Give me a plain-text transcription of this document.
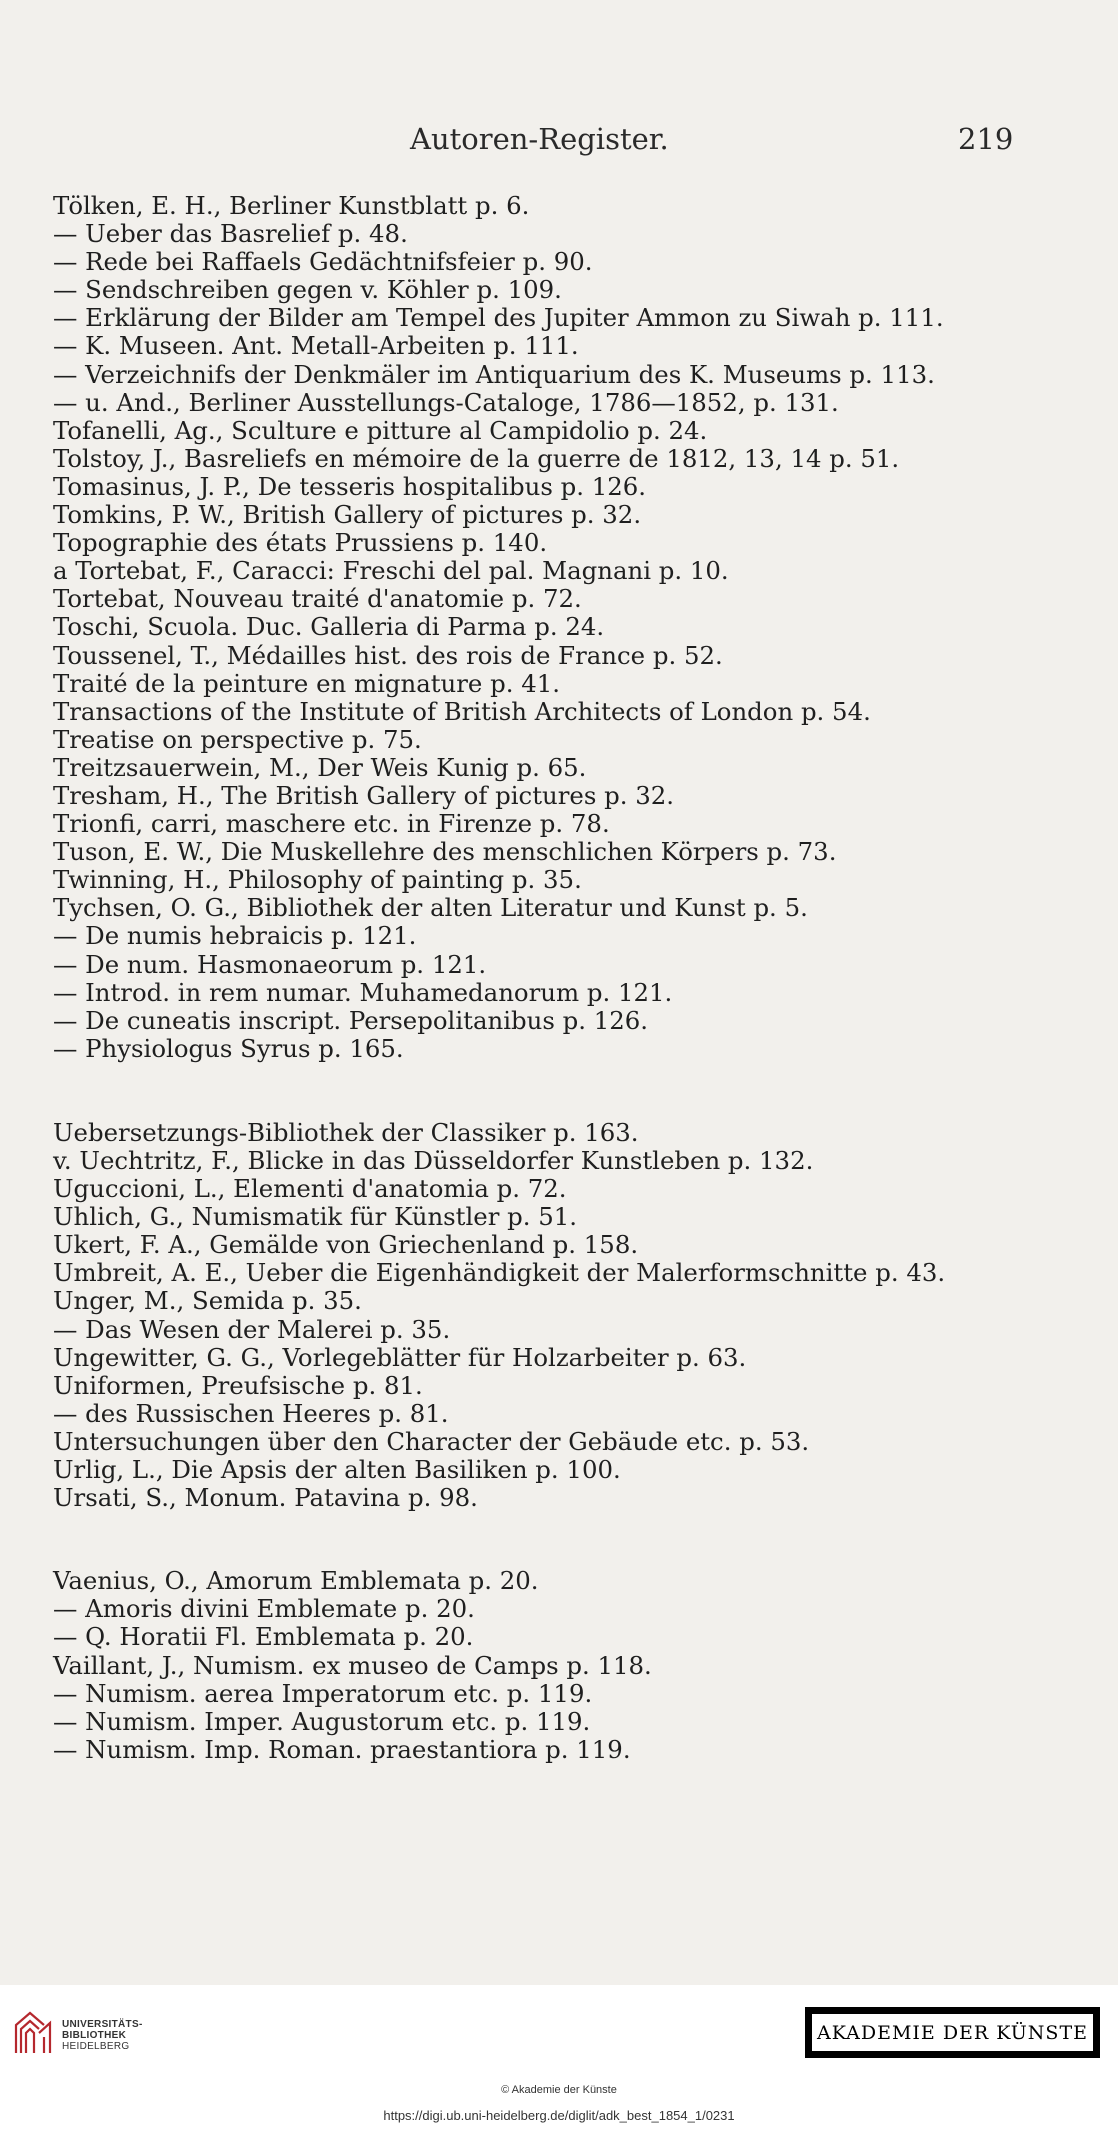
Autoren-Register.	219
Tölken, E. H., Berliner Kunstblatt p. 6.
— Ueber das Basrelief p. 48.
— Rede bei Raffaels Gedächtnifsfeier p. 90.
— Sendschreiben gegen v. Köhler p. 109.
— Erklärung der Bilder am Tempel des Jupiter Ammon zu Siwah p. 111.
— K. Museen. Ant. Metall-Arbeiten p. 111.
— Verzeichnifs der Denkmäler im Antiquarium des K. Museums p. 113.
— u. And., Berliner Ausstellungs-Cataloge, 1786—1852, p. 131.
Tofanelli, Ag., Sculture e pitture al Campidolio p. 24.
Tolstoy, J., Basreliefs en mémoire de la guerre de 1812, 13, 14 p. 51.
Tomasinus, J. P., De tesseris hospitalibus p. 126.
Tomkins, P. W., British Gallery of pictures p. 32.
Topographie des états Prussiens p. 140.
a Tortebat, F., Caracci: Freschi del pal. Magnani p. 10.
Tortebat, Nouveau traité d'anatomie p. 72.
Toschi, Scuola. Duc. Galleria di Parma p. 24.
Toussenel, T., Médailles hist. des rois de France p. 52.
Traité de la peinture en mignature p. 41.
Transactions of the Institute of British Architects of London p. 54.
Treatise on perspective p. 75.
Treitzsauerwein, M., Der Weis Kunig p. 65.
Tresham, H., The British Gallery of pictures p. 32.
Trionfi, carri, maschere etc. in Firenze p. 78.
Tuson, E. W., Die Muskellehre des menschlichen Körpers p. 73.
Twinning, H., Philosophy of painting p. 35.
Tychsen, O. G., Bibliothek der alten Literatur und Kunst p. 5.
— De numis hebraicis p. 121.
— De num. Hasmonaeorum p. 121.
— Introd. in rem numar. Muhamedanorum p. 121.
— De cuneatis inscript. Persepolitanibus p. 126.
— Physiologus Syrus p. 165.
Uebersetzungs-Bibliothek der Classiker p. 163.
v. Uechtritz, F., Blicke in das Düsseldorfer Kunstleben p. 132.
Uguccioni, L., Elementi d'anatomia p. 72.
Uhlich, G., Numismatik für Künstler p. 51.
Ukert, F. A., Gemälde von Griechenland p. 158.
Umbreit, A. E., Ueber die Eigenhändigkeit der Malerformschnitte p. 43.
Unger, M., Semida p. 35.
— Das Wesen der Malerei p. 35.
Ungewitter, G. G., Vorlegeblätter für Holzarbeiter p. 63.
Uniformen, Preufsische p. 81.
— des Russischen Heeres p. 81.
Untersuchungen über den Character der Gebäude etc. p. 53.
Urlig, L., Die Apsis der alten Basiliken p. 100.
Ursati, S., Monum. Patavina p. 98.
Vaenius, O., Amorum Emblemata p. 20.
— Amoris divini Emblemate p. 20.
— Q. Horatii Fl. Emblemata p. 20.
Vaillant, J., Numism. ex museo de Camps p. 118.
— Numism. aerea Imperatorum etc. p. 119.
— Numism. Imper. Augustorum etc. p. 119.
— Numism. Imp. Roman. praestantiora p. 119.
UNIVERSITÄTS-
BIBLIOTHEK
HEIDELBERG
AKADEMIE DER KÜNSTE
© Akademie der Künste
https://digi.ub.uni-heidelberg.de/diglit/adk_best_1854_1/0231
